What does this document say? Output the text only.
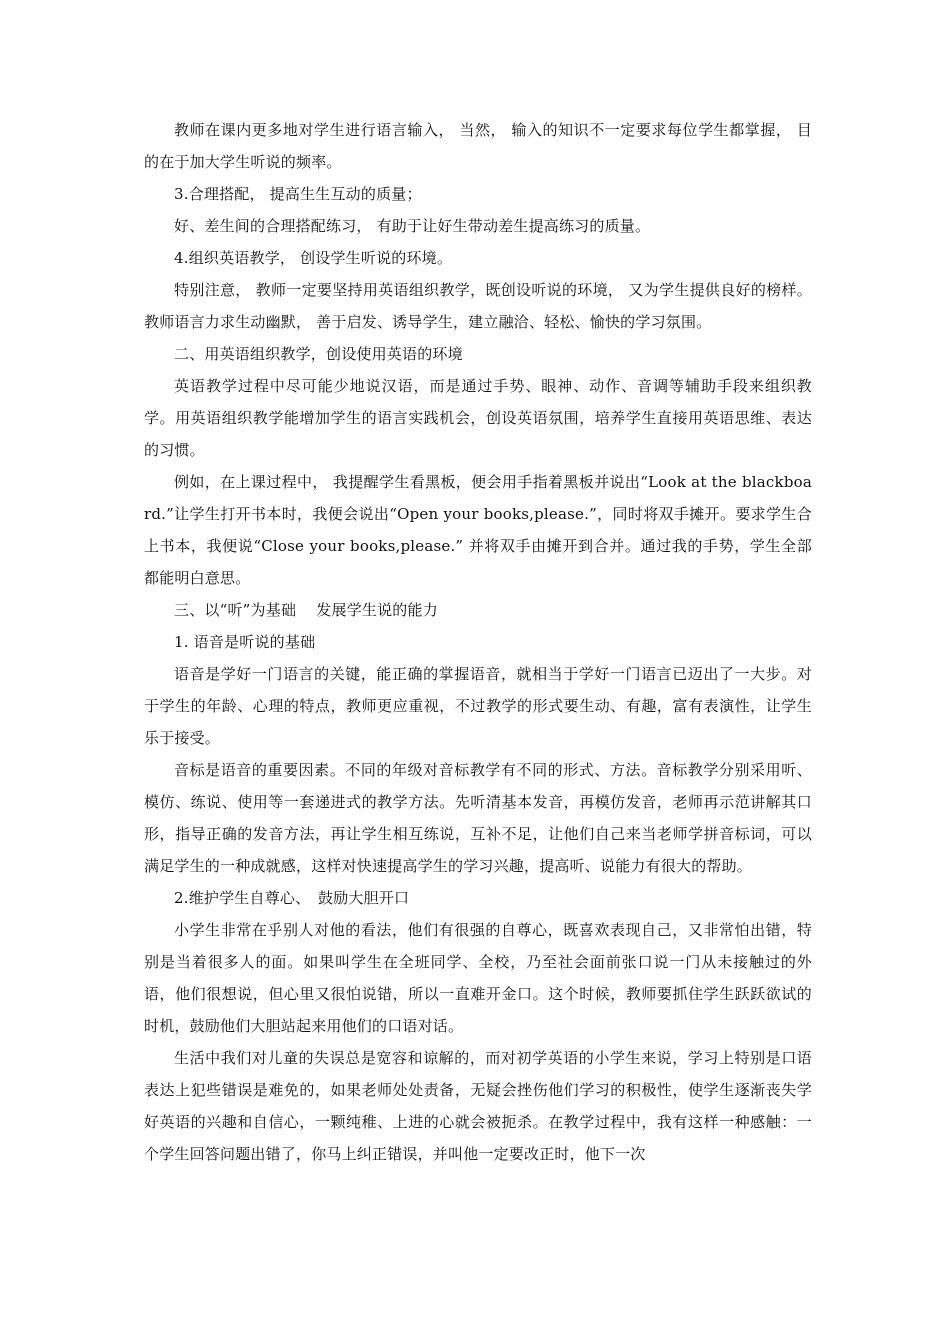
教师在课内更多地对学生进行语言输入， 当然， 输入的知识不一定要求每位学生都掌握， 目的在于加大学生听说的频率。

3.合理搭配， 提高生生互动的质量；

好、差生间的合理搭配练习， 有助于让好生带动差生提高练习的质量。

4.组织英语教学， 创设学生听说的环境。

特别注意， 教师一定要坚持用英语组织教学，既创设听说的环境， 又为学生提供良好的榜样。教师语言力求生动幽默， 善于启发、诱导学生，建立融洽、轻松、愉快的学习氛围。

二、用英语组织教学，创设使用英语的环境

英语教学过程中尽可能少地说汉语，而是通过手势、眼神、动作、音调等辅助手段来组织教学。用英语组织教学能增加学生的语言实践机会，创设英语氛围，培养学生直接用英语思维、表达的习惯。

例如，在上课过程中， 我提醒学生看黑板，便会用手指着黑板并说出“Look at the blackboard.”让学生打开书本时，我便会说出“Open your books,please.”，同时将双手摊开。要求学生合上书本，我便说“Close your books,please.” 并将双手由摊开到合并。通过我的手势，学生全部都能明白意思。

三、以“听”为基础　 发展学生说的能力

1. 语音是听说的基础

语音是学好一门语言的关键，能正确的掌握语音，就相当于学好一门语言已迈出了一大步。对于学生的年龄、心理的特点，教师更应重视，不过教学的形式要生动、有趣，富有表演性，让学生乐于接受。

音标是语音的重要因素。不同的年级对音标教学有不同的形式、方法。音标教学分别采用听、模仿、练说、使用等一套递进式的教学方法。先听清基本发音，再模仿发音，老师再示范讲解其口形，指导正确的发音方法，再让学生相互练说，互补不足，让他们自己来当老师学拼音标词，可以满足学生的一种成就感，这样对快速提高学生的学习兴趣，提高听、说能力有很大的帮助。

2.维护学生自尊心、　鼓励大胆开口

小学生非常在乎别人对他的看法，他们有很强的自尊心，既喜欢表现自己，又非常怕出错，特别是当着很多人的面。如果叫学生在全班同学、全校，乃至社会面前张口说一门从未接触过的外语，他们很想说，但心里又很怕说错，所以一直难开金口。这个时候，教师要抓住学生跃跃欲试的时机，鼓励他们大胆站起来用他们的口语对话。

生活中我们对儿童的失误总是宽容和谅解的，而对初学英语的小学生来说，学习上特别是口语表达上犯些错误是难免的，如果老师处处责备，无疑会挫伤他们学习的积极性，使学生逐渐丧失学好英语的兴趣和自信心，一颗纯稚、上进的心就会被扼杀。在教学过程中，我有这样一种感触：一个学生回答问题出错了，你马上纠正错误，并叫他一定要改正时，他下一次
